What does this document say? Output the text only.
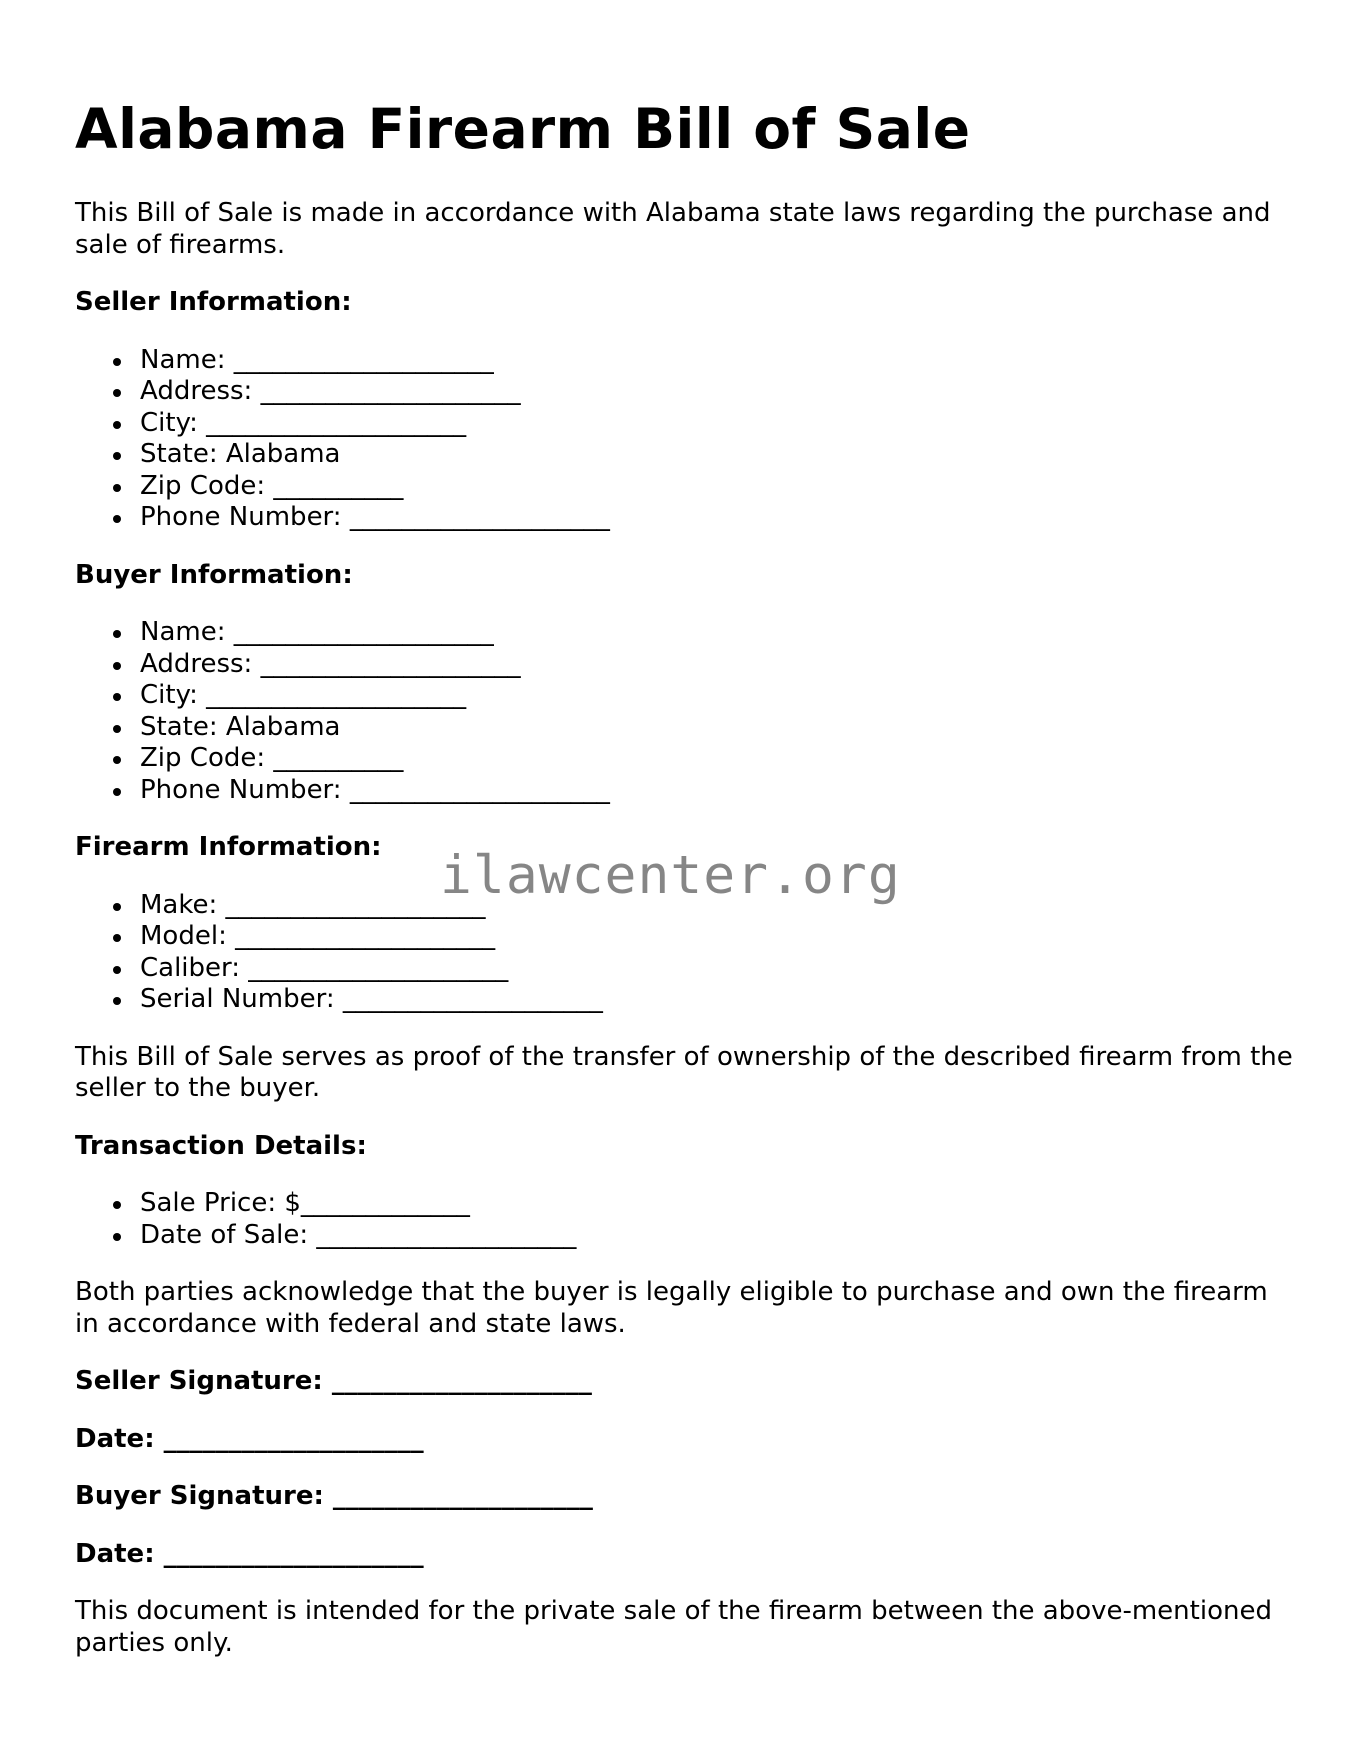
Alabama Firearm Bill of Sale

This Bill of Sale is made in accordance with Alabama state laws regarding the purchase and sale of firearms.

Seller Information:
Name: ____________________
Address: ____________________
City: ____________________
State: Alabama
Zip Code: __________
Phone Number: ____________________
Buyer Information:
Name: ____________________
Address: ____________________
City: ____________________
State: Alabama
Zip Code: __________
Phone Number: ____________________
Firearm Information:
Make: ____________________
Model: ____________________
Caliber: ____________________
Serial Number: ____________________

This Bill of Sale serves as proof of the transfer of ownership of the described firearm from the seller to the buyer.

Transaction Details:
Sale Price: $_____________
Date of Sale: ____________________

Both parties acknowledge that the buyer is legally eligible to purchase and own the firearm in accordance with federal and state laws.

Seller Signature: ____________________

Date: ____________________

Buyer Signature: ____________________

Date: ____________________

This document is intended for the private sale of the firearm between the above-mentioned parties only.

ilawcenter.org
